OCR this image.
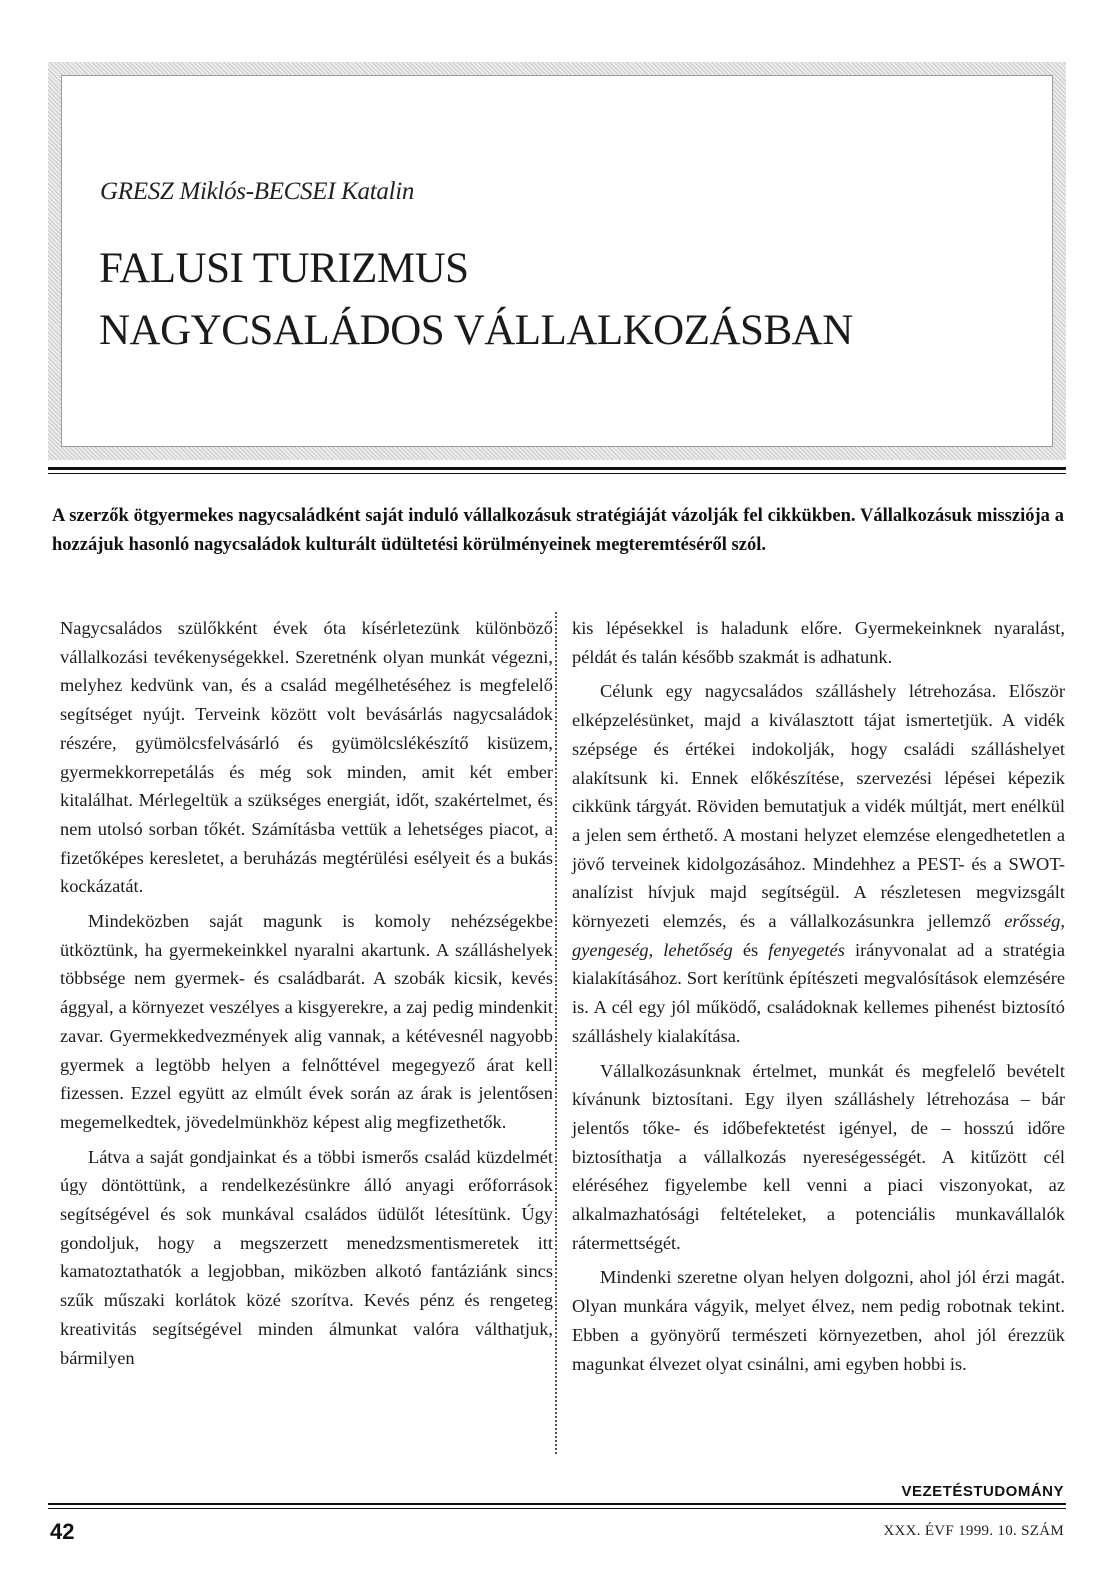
GRESZ Miklós-BECSEI Katalin
FALUSI TURIZMUS
NAGYCSALÁDOS VÁLLALKOZÁSBAN

A szerzők ötgyermekes nagycsaládként saját induló vállalkozásuk stratégiáját vázolják fel cikkükben. Vállalkozásuk missziója a hozzájuk hasonló nagycsaládok kulturált üdültetési körülményeinek megteremtéséről szól.

Nagycsaládos szülőkként évek óta kísérletezünk különböző vállalkozási tevékenységekkel. Szeretnénk olyan munkát végezni, melyhez kedvünk van, és a család megélhetéséhez is megfelelő segítséget nyújt. Terveink között volt bevásárlás nagycsaládok részére, gyümölcsfelvásárló és gyümölcslékészítő kisüzem, gyermekkorrepetálás és még sok minden, amit két ember kitalálhat. Mérlegeltük a szükséges energiát, időt, szakértelmet, és nem utolsó sorban tőkét. Számításba vettük a lehetséges piacot, a fizetőképes keresletet, a beruházás megtérülési esélyeit és a bukás kockázatát.

Mindeközben saját magunk is komoly nehézségekbe ütköztünk, ha gyermekeinkkel nyaralni akartunk. A szálláshelyek többsége nem gyermek- és családbarát. A szobák kicsik, kevés ággyal, a környezet veszélyes a kisgyerekre, a zaj pedig mindenkit zavar. Gyermekkedvezmények alig vannak, a kétévesnél nagyobb gyermek a legtöbb helyen a felnőttével megegyező árat kell fizessen. Ezzel együtt az elmúlt évek során az árak is jelentősen megemelkedtek, jövedelmünkhöz képest alig megfizethetők.

Látva a saját gondjainkat és a többi ismerős család küzdelmét úgy döntöttünk, a rendelkezésünkre álló anyagi erőforrások segítségével és sok munkával családos üdülőt létesítünk. Úgy gondoljuk, hogy a megszerzett menedzsmentismeretek itt kamatoztathatók a legjobban, miközben alkotó fantáziánk sincs szűk műszaki korlátok közé szorítva. Kevés pénz és rengeteg kreativitás segítségével minden álmunkat valóra válthatjuk, bármilyen

kis lépésekkel is haladunk előre. Gyermekeinknek nyaralást, példát és talán később szakmát is adhatunk.

Célunk egy nagycsaládos szálláshely létrehozása. Először elképzelésünket, majd a kiválasztott tájat ismertetjük. A vidék szépsége és értékei indokolják, hogy családi szálláshelyet alakítsunk ki. Ennek előkészítése, szervezési lépései képezik cikkünk tárgyát. Röviden bemutatjuk a vidék múltját, mert enélkül a jelen sem érthető. A mostani helyzet elemzése elengedhetetlen a jövő terveinek kidolgozásához. Mindehhez a PEST- és a SWOT-analízist hívjuk majd segítségül. A részletesen megvizsgált környezeti elemzés, és a vállalkozásunkra jellemző erősség, gyengeség, lehetőség és fenyegetés irányvonalat ad a stratégia kialakításához. Sort kerítünk építészeti megvalósítások elemzésére is. A cél egy jól működő, családoknak kellemes pihenést biztosító szálláshely kialakítása.

Vállalkozásunknak értelmet, munkát és megfelelő bevételt kívánunk biztosítani. Egy ilyen szálláshely létrehozása – bár jelentős tőke- és időbefektetést igényel, de – hosszú időre biztosíthatja a vállalkozás nyereségességét. A kitűzött cél eléréséhez figyelembe kell venni a piaci viszonyokat, az alkalmazhatósági feltételeket, a potenciális munkavállalók rátermettségét.

Mindenki szeretne olyan helyen dolgozni, ahol jól érzi magát. Olyan munkára vágyik, melyet élvez, nem pedig robotnak tekint. Ebben a gyönyörű természeti környezetben, ahol jól érezzük magunkat élvezet olyat csinálni, ami egyben hobbi is.

VEZETÉSTUDOMÁNY
42	XXX. ÉVF 1999. 10. SZÁM
